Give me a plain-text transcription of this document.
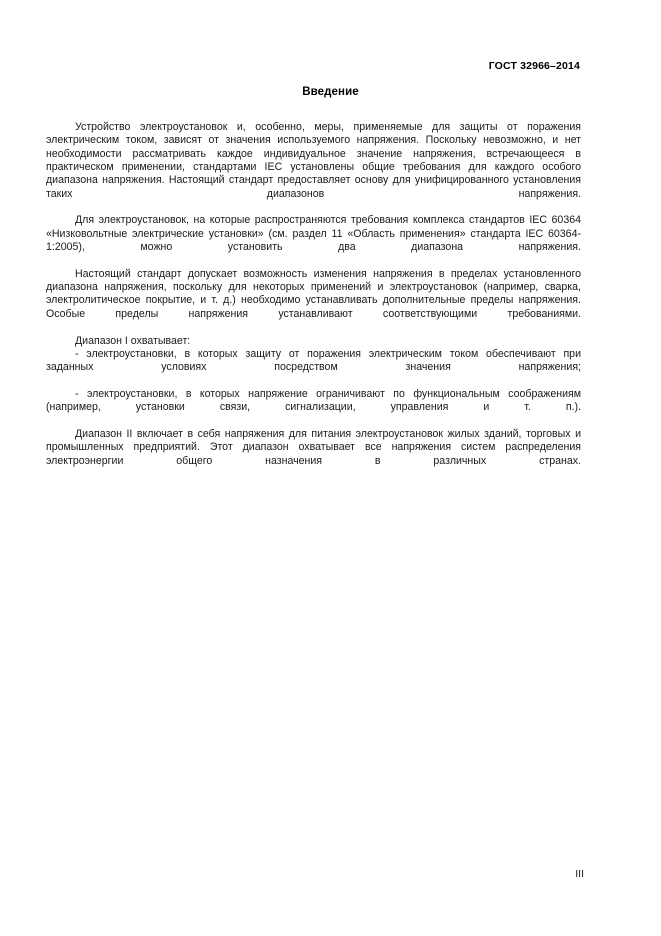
ГОСТ 32966–2014
Введение

Устройство электроустановок и, особенно, меры, применяемые для защиты от поражения электрическим током, зависят от значения используемого напряжения. Поскольку невозможно, и нет необходимости рассматривать каждое индивидуальное значение напряжения, встречающееся в практическом применении, стандартами IEC установлены общие требования для каждого особого диапазона напряжения. Настоящий стандарт предоставляет основу для унифицированного установления таких диапазонов напряжения.

Для электроустановок, на которые распространяются требования комплекса стандартов IEC 60364 «Низковольтные электрические установки» (см. раздел 11 «Область применения» стандарта IEC 60364-1:2005), можно установить два диапазона напряжения.

Настоящий стандарт допускает возможность изменения напряжения в пределах установленного диапазона напряжения, поскольку для некоторых применений и электроустановок (например, сварка, электролитическое покрытие, и т. д.) необходимо устанавливать дополнительные пределы напряжения. Особые пределы напряжения устанавливают соответствующими требованиями.

Диапазон I охватывает:

- электроустановки, в которых защиту от поражения электрическим током обеспечивают при заданных условиях посредством значения напряжения;

- электроустановки, в которых напряжение ограничивают по функциональным соображениям (например, установки связи, сигнализации, управления и т. п.).

Диапазон II включает в себя напряжения для питания электроустановок жилых зданий, торговых и промышленных предприятий. Этот диапазон охватывает все напряжения систем распределения электроэнергии общего назначения в различных странах.

III
